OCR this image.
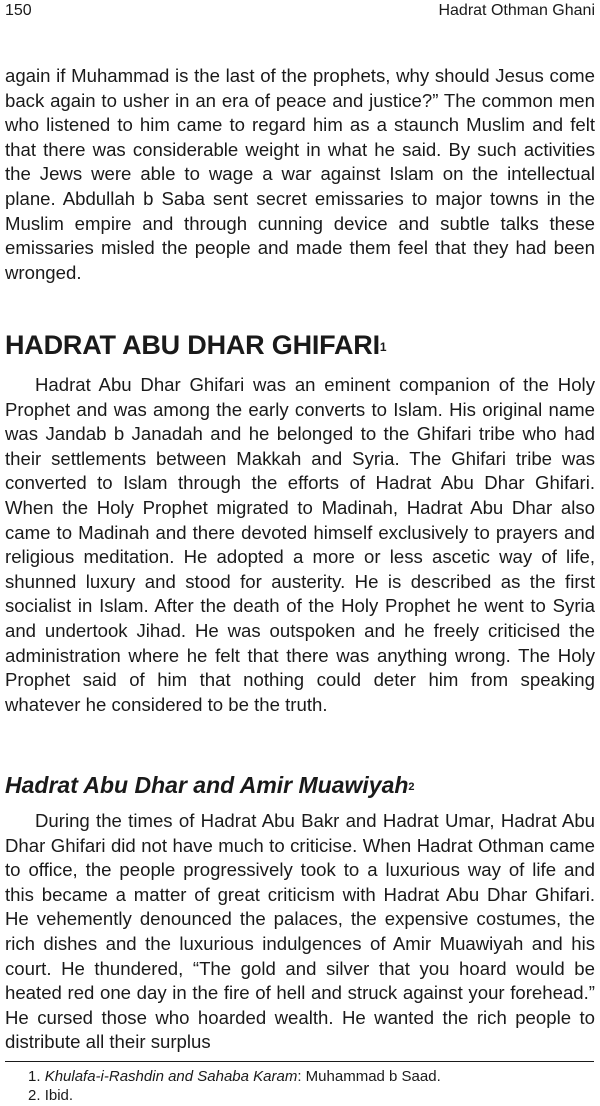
150	Hadrat Othman Ghani

again if Muhammad is the last of the prophets, why should Jesus come back again to usher in an era of peace and justice?” The common men who listened to him came to regard him as a staunch Muslim and felt that there was considerable weight in what he said. By such activities the Jews were able to wage a war against Islam on the intellectual plane. Abdullah b Saba sent secret emissaries to major towns in the Muslim empire and through cunning device and subtle talks these emissaries misled the people and made them feel that they had been wronged.

HADRAT ABU DHAR GHIFARI$^1$

Hadrat Abu Dhar Ghifari was an eminent companion of the Holy Prophet and was among the early converts to Islam. His original name was Jandab b Janadah and he belonged to the Ghifari tribe who had their settlements between Makkah and Syria. The Ghifari tribe was converted to Islam through the efforts of Hadrat Abu Dhar Ghifari. When the Holy Prophet migrated to Madinah, Hadrat Abu Dhar also came to Madinah and there devoted himself exclusively to prayers and religious meditation. He adopted a more or less ascetic way of life, shunned luxury and stood for austerity. He is described as the first socialist in Islam. After the death of the Holy Prophet he went to Syria and undertook Jihad. He was outspoken and he freely criticised the administration where he felt that there was anything wrong. The Holy Prophet said of him that nothing could deter him from speaking whatever he considered to be the truth.

Hadrat Abu Dhar and Amir Muawiyah$^2$

During the times of Hadrat Abu Bakr and Hadrat Umar, Hadrat Abu Dhar Ghifari did not have much to criticise. When Hadrat Othman came to office, the people progressively took to a luxurious way of life and this became a matter of great criticism with Hadrat Abu Dhar Ghifari. He vehemently denounced the palaces, the expensive costumes, the rich dishes and the luxurious indulgences of Amir Muawiyah and his court. He thundered, “The gold and silver that you hoard would be heated red one day in the fire of hell and struck against your forehead.” He cursed those who hoarded wealth. He wanted the rich people to distribute all their surplus

1. Khulafa-i-Rashdin and Sahaba Karam: Muhammad b Saad.

2. Ibid.
